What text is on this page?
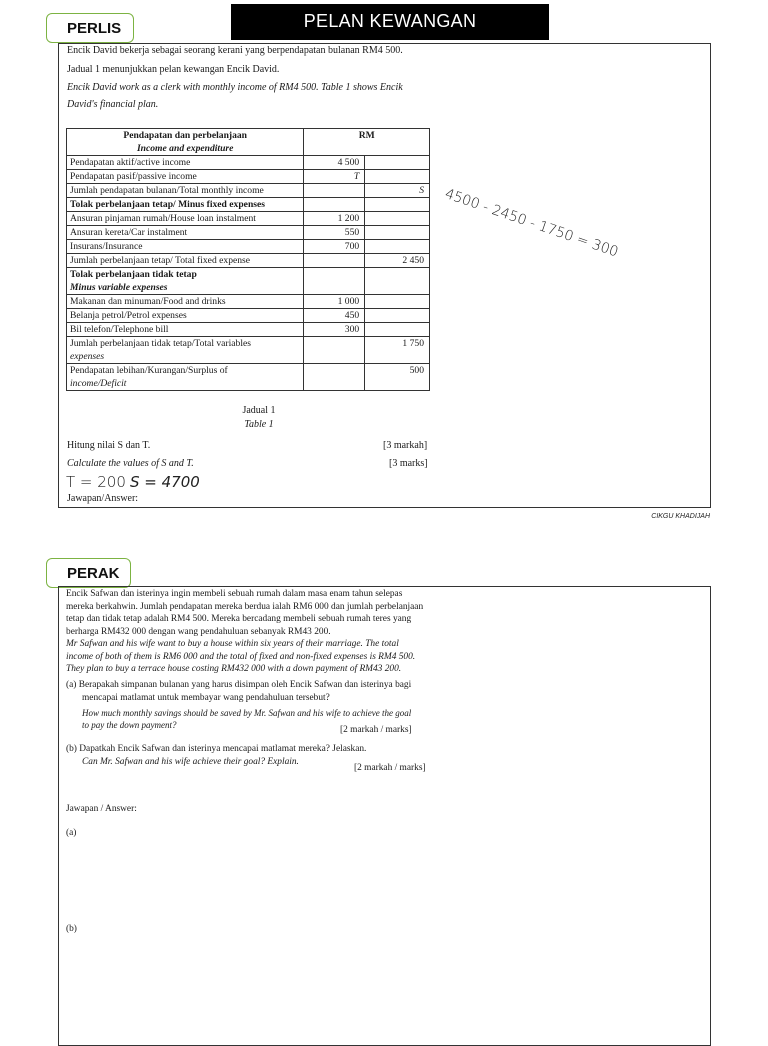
PELAN KEWANGAN
PERLIS
Encik David bekerja sebagai seorang kerani yang berpendapatan bulanan RM4 500.
Jadual 1 menunjukkan pelan kewangan Encik David.
Encik David work as a clerk with monthly income of RM4 500. Table 1 shows Encik
David's financial plan.
Pendapatan dan perbelanjaan
Income and expenditure	RM	
Pendapatan aktif/active income	4 500	
Pendapatan pasif/passive income	T	
Jumlah pendapatan bulanan/Total monthly income		S
Tolak perbelanjaan tetap/ Minus fixed expenses		
Ansuran pinjaman rumah/House loan instalment	1 200	
Ansuran kereta/Car instalment	550	
Insurans/Insurance	700	
Jumlah perbelanjaan tetap/ Total fixed expense		2 450

Tolak perbelanjaan tidak tetap
Minus variable expenses		

Makanan dan minuman/Food and drinks	1 000	
Belanja petrol/Petrol expenses	450	
Bil telefon/Telephone bill	300	

Jumlah perbelanjaan tidak tetap/Total variables
expenses		1 750

Pendapatan lebihan/Kurangan/Surplus of
income/Deficit		500
Jadual 1
Table 1
Hitung nilai S dan T.	[3 markah]
Calculate the values of S and T.	[3 marks]
T = 200 S = 4700
Jawapan/Answer:
4500 - 2450 - 1750 = 300
CIKGU KHADIJAH
PERAK
Encik Safwan dan isterinya ingin membeli sebuah rumah dalam masa enam tahun selepas
mereka berkahwin. Jumlah pendapatan mereka berdua ialah RM6 000 dan jumlah perbelanjaan
tetap dan tidak tetap adalah RM4 500. Mereka bercadang membeli sebuah rumah teres yang
berharga RM432 000 dengan wang pendahuluan sebanyak RM43 200.
Mr Safwan and his wife want to buy a house within six years of their marriage. The total
income of both of them is RM6 000 and the total of fixed and non-fixed expenses is RM4 500.
They plan to buy a terrace house costing RM432 000 with a down payment of RM43 200.
(a) Berapakah simpanan bulanan yang harus disimpan oleh Encik Safwan dan isterinya bagi
mencapai matlamat untuk membayar wang pendahuluan tersebut?
How much monthly savings should be saved by Mr. Safwan and his wife to achieve the goal
to pay the down payment?	[2 markah / marks]
(b) Dapatkah Encik Safwan dan isterinya mencapai matlamat mereka? Jelaskan.
Can Mr. Safwan and his wife achieve their goal? Explain.
[2 markah / marks]
Jawapan / Answer:
(a)
(b)
